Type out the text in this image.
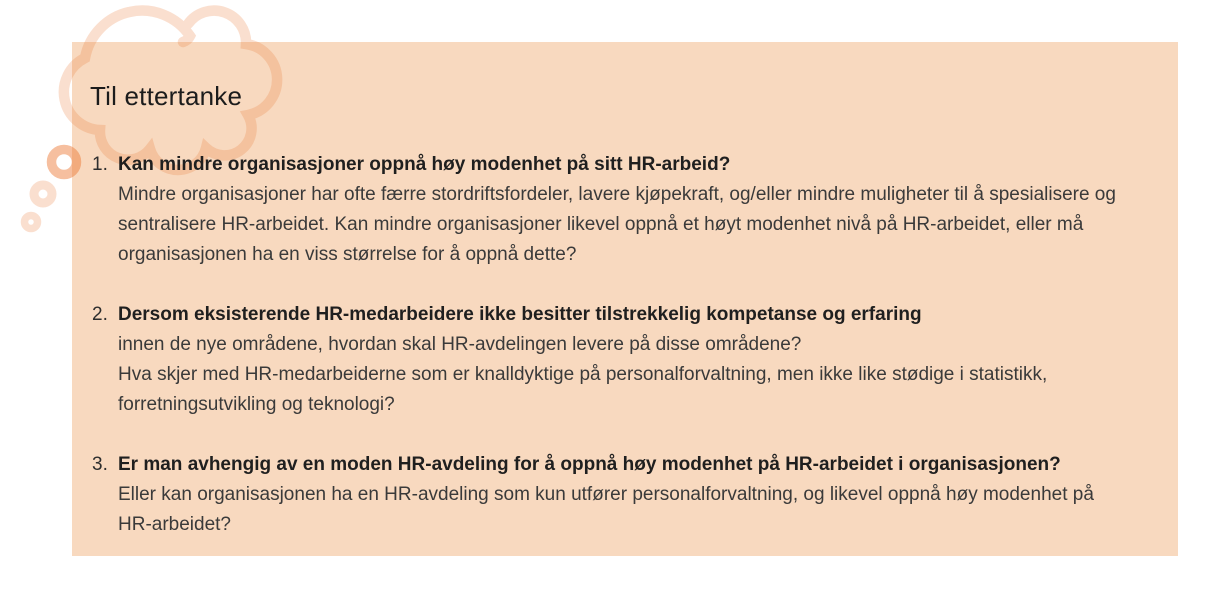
Til ettertanke
1. Kan mindre organisasjoner oppnå høy modenhet på sitt HR-arbeid?
Mindre organisasjoner har ofte færre stordriftsfordeler, lavere kjøpekraft, og/eller mindre muligheter til å spesialisere og sentralisere HR-arbeidet. Kan mindre organisasjoner likevel oppnå et høyt modenhet nivå på HR-arbeidet, eller må organisasjonen ha en viss størrelse for å oppnå dette?
2. Dersom eksisterende HR-medarbeidere ikke besitter tilstrekkelig kompetanse og erfaring
innen de nye områdene, hvordan skal HR-avdelingen levere på disse områdene?
Hva skjer med HR-medarbeiderne som er knalldyktige på personalforvaltning, men ikke like stødige i statistikk, forretningsutvikling og teknologi?
3. Er man avhengig av en moden HR-avdeling for å oppnå høy modenhet på HR-arbeidet i organisasjonen?
Eller kan organisasjonen ha en HR-avdeling som kun utfører personalforvaltning, og likevel oppnå høy modenhet på HR-arbeidet?
